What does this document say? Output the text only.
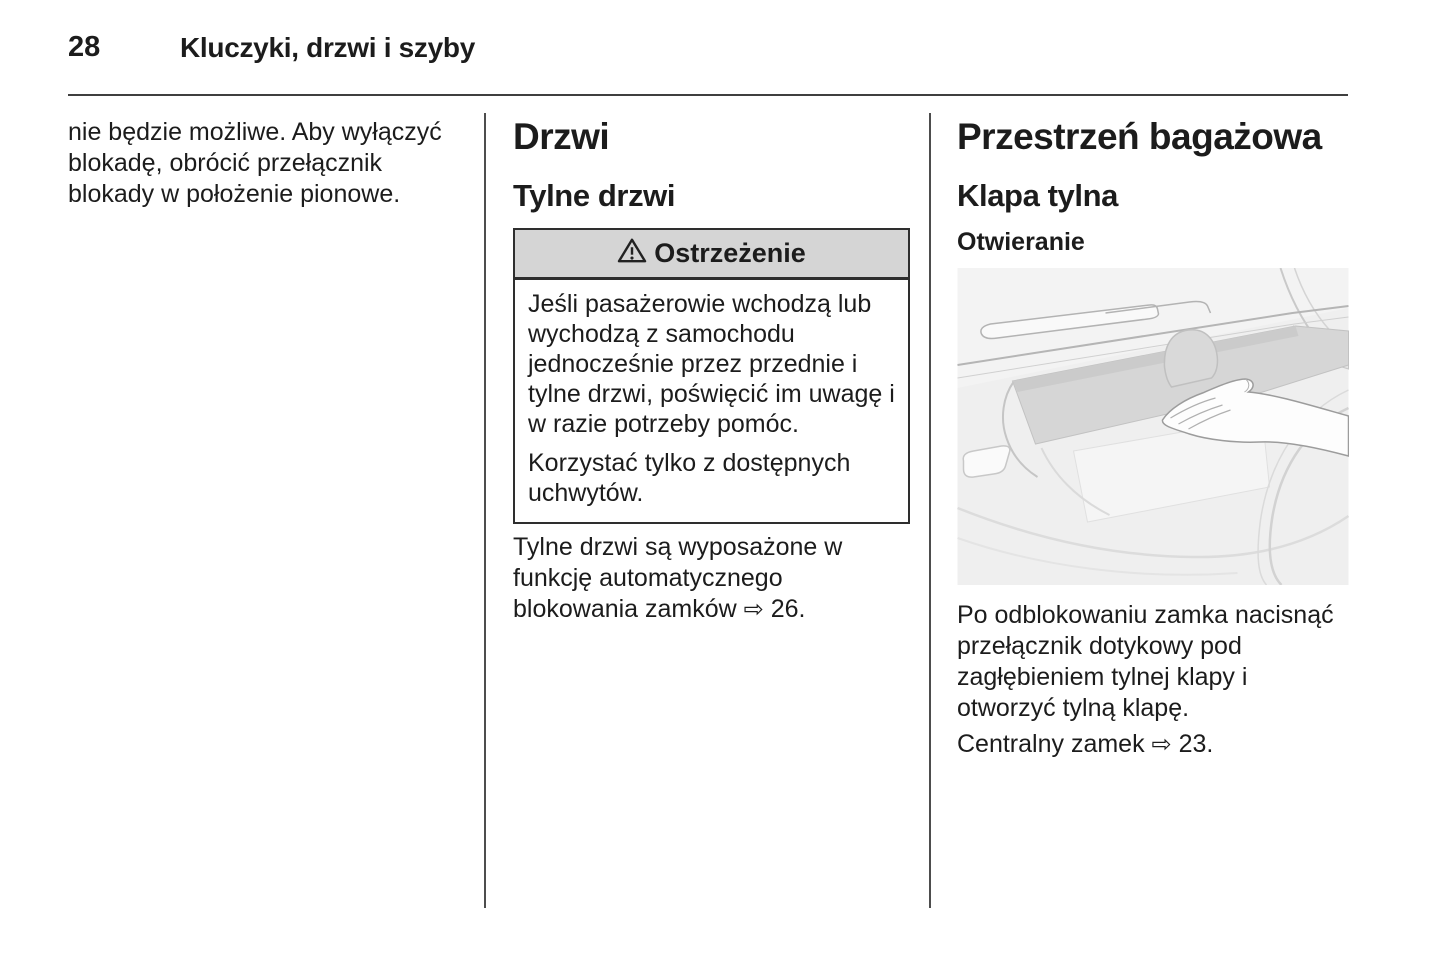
28	Kluczyki, drzwi i szyby

nie będzie możliwe. Aby wyłączyć blokadę, obrócić przełącznik blokady w położenie pionowe.

Drzwi
Tylne drzwi
Ostrzeżenie

Jeśli pasażerowie wchodzą lub wychodzą z samochodu jednocześnie przez przednie i tylne drzwi, poświęcić im uwagę i w razie potrzeby pomóc.

Korzystać tylko z dostępnych uchwytów.

Tylne drzwi są wyposażone w funkcję automatycznego blokowania zamków ⇨ 26.

Przestrzeń bagażowa
Klapa tylna
Otwieranie

Po odblokowaniu zamka nacisnąć przełącznik dotykowy pod zagłębieniem tylnej klapy i otworzyć tylną klapę.

Centralny zamek ⇨ 23.
